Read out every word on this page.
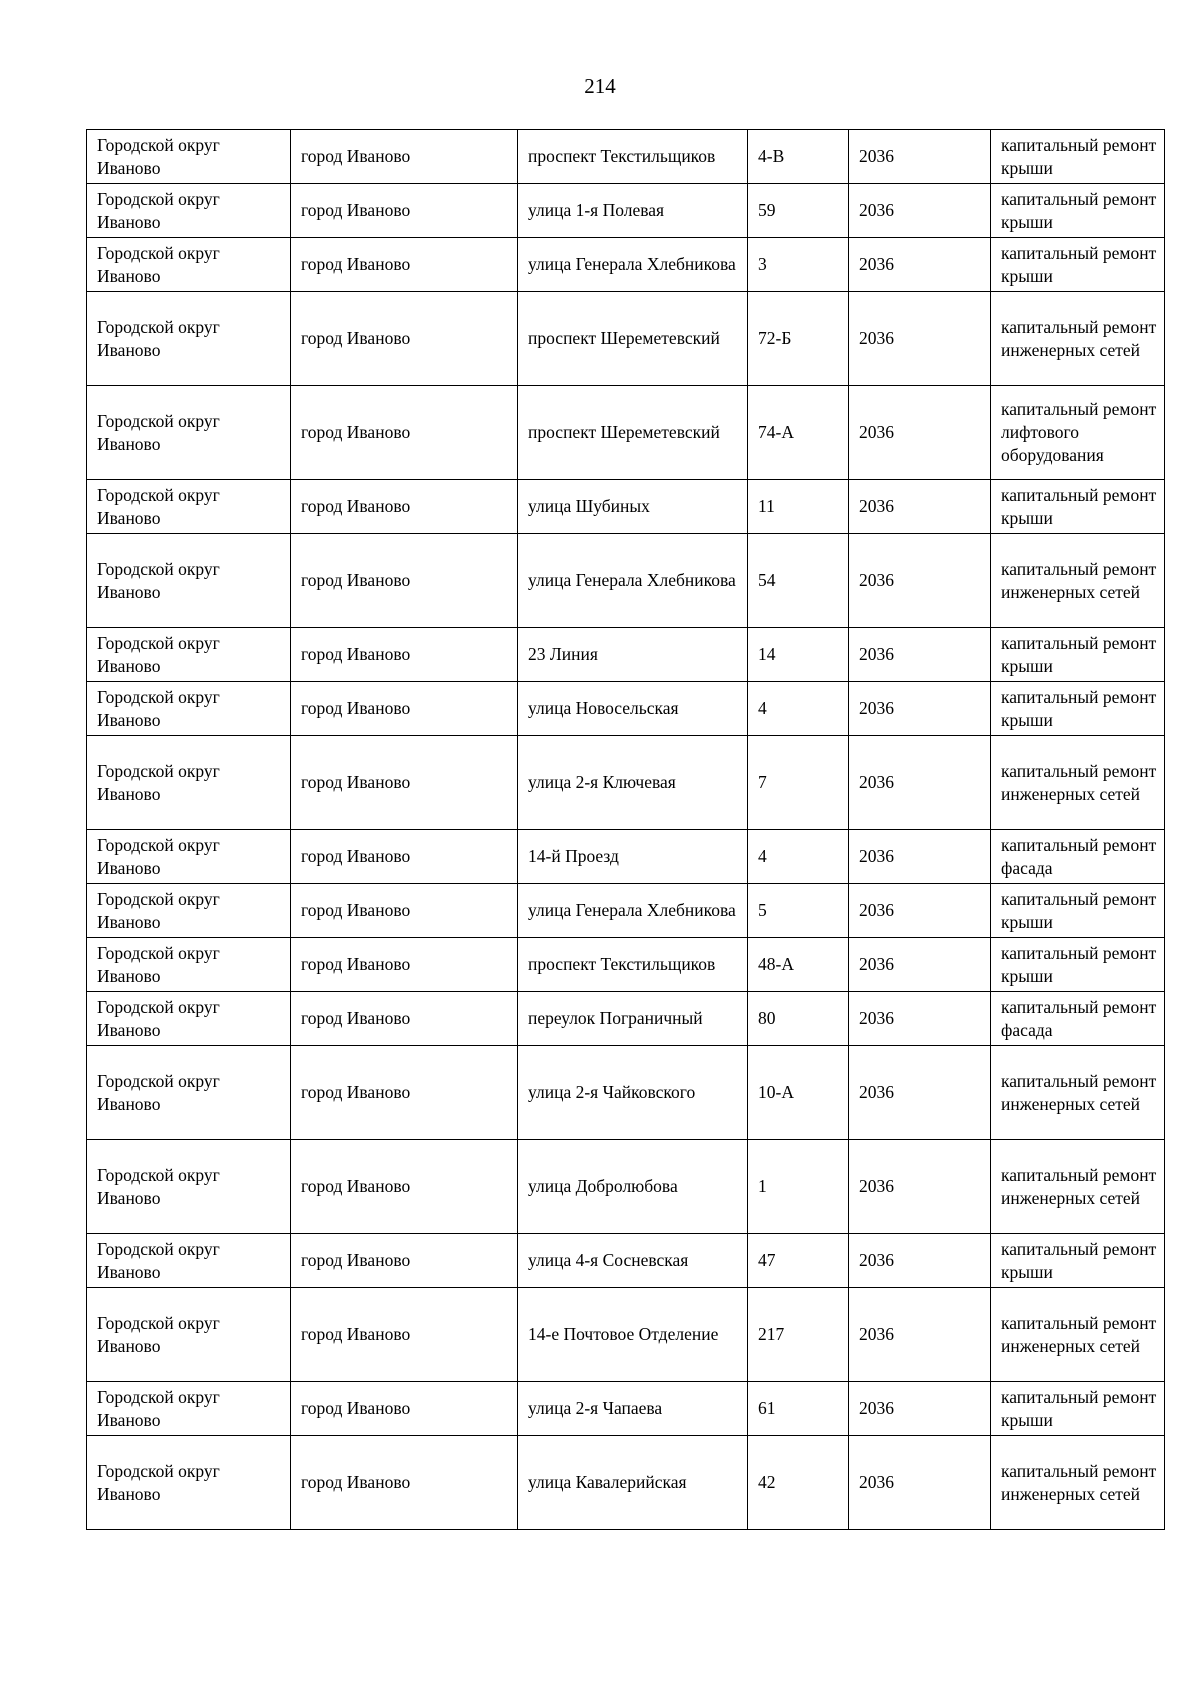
214
Городской округ Иваново	город Иваново	проспект Текстильщиков	4-В	2036	капитальный ремонт крыши
Городской округ Иваново	город Иваново	улица 1-я Полевая	59	2036	капитальный ремонт крыши
Городской округ Иваново	город Иваново	улица Генерала Хлебникова	3	2036	капитальный ремонт крыши
Городской округ Иваново	город Иваново	проспект Шереметевский	72-Б	2036	капитальный ремонт инженерных сетей
Городской округ Иваново	город Иваново	проспект Шереметевский	74-А	2036	капитальный ремонт лифтового оборудования
Городской округ Иваново	город Иваново	улица Шубиных	11	2036	капитальный ремонт крыши
Городской округ Иваново	город Иваново	улица Генерала Хлебникова	54	2036	капитальный ремонт инженерных сетей
Городской округ Иваново	город Иваново	23 Линия	14	2036	капитальный ремонт крыши
Городской округ Иваново	город Иваново	улица Новосельская	4	2036	капитальный ремонт крыши
Городской округ Иваново	город Иваново	улица 2-я Ключевая	7	2036	капитальный ремонт инженерных сетей
Городской округ Иваново	город Иваново	14-й Проезд	4	2036	капитальный ремонт фасада
Городской округ Иваново	город Иваново	улица Генерала Хлебникова	5	2036	капитальный ремонт крыши
Городской округ Иваново	город Иваново	проспект Текстильщиков	48-А	2036	капитальный ремонт крыши
Городской округ Иваново	город Иваново	переулок Пограничный	80	2036	капитальный ремонт фасада
Городской округ Иваново	город Иваново	улица 2-я Чайковского	10-А	2036	капитальный ремонт инженерных сетей
Городской округ Иваново	город Иваново	улица Добролюбова	1	2036	капитальный ремонт инженерных сетей
Городской округ Иваново	город Иваново	улица 4-я Сосневская	47	2036	капитальный ремонт крыши
Городской округ Иваново	город Иваново	14-е Почтовое Отделение	217	2036	капитальный ремонт инженерных сетей
Городской округ Иваново	город Иваново	улица 2-я Чапаева	61	2036	капитальный ремонт крыши
Городской округ Иваново	город Иваново	улица Кавалерийская	42	2036	капитальный ремонт инженерных сетей
